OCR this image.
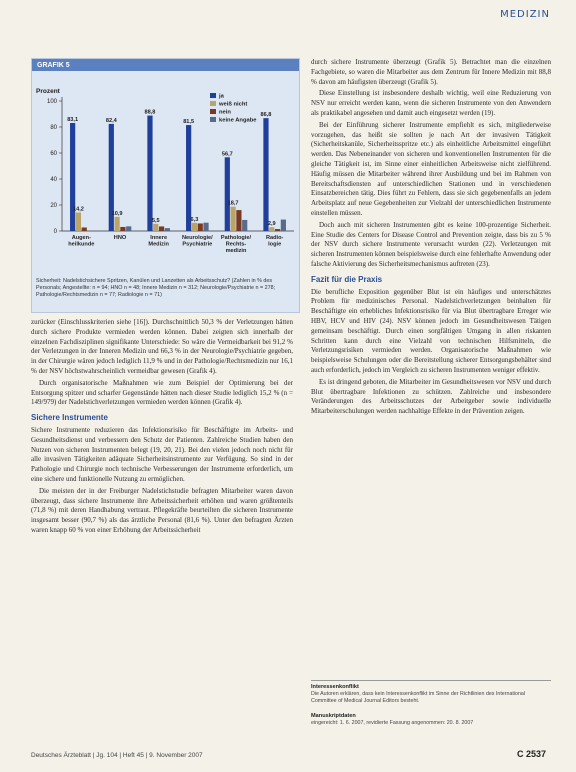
MEDIZIN
GRAFIK 5
Prozent
0
20
40
60
80
100
83,1
14,2
Augen-
heilkunde
82,4
10,9
HNO
88,8
5,5
Innere
Medizin
81,5
6,3
Neurologie/
Psychiatrie
56,7
18,7
Pathologie/
Rechts-
medizin
86,8
2,9
Radio-
logie
ja
weiß nicht
nein
keine Angabe
Sicherheit: Nadelstichsichere Spritzen, Kanülen und Lanzetten als Arbeitsschutz? (Zahlen in % des Personals; Angestellte: n = 94; HNO n = 48; Innere Medizin n = 312; Neurologie/Psychiatrie n = 278; Pathologie/Rechtsmedizin n = 77; Radiologie n = 71)

zurücker (Einschlusskriterien siehe [16]). Durchschnittlich 50,3 % der Verletzungen hätten durch sichere Produkte vermieden werden können. Dabei zeigten sich innerhalb der einzelnen Fachdisziplinen signifikante Unterschiede: So wäre die Vermeidbarkeit bei 91,2 % der Verletzungen in der Inneren Medizin und 66,3 % in der Neurologie/Psychiatrie gegeben, in der Chirurgie wären jedoch lediglich 11,9 % und in der Pathologie/Rechtsmedizin nur 16,1 % der NSV höchstwahrscheinlich vermeidbar gewesen (Grafik 4).

Durch organisatorische Maßnahmen wie zum Beispiel der Optimierung bei der Entsorgung spitzer und scharfer Gegenstände hätten nach dieser Studie lediglich 15,2 % (n = 149/979) der Nadelstichverletzungen vermieden werden können (Grafik 4).

Sichere Instrumente

Sichere Instrumente reduzieren das Infektionsrisiko für Beschäftigte im Arbeits- und Gesundheitsdienst und verbessern den Schutz der Patienten. Zahlreiche Studien haben den Nutzen von sicheren Instrumenten belegt (19, 20, 21). Bei den vielen jedoch noch nicht für alle invasiven Tätigkeiten adäquate Sicherheitsinstrumente zur Verfügung. So sind in der Pathologie und Chirurgie noch technische Verbesserungen der Instrumente erforderlich, um eine sichere und funktionelle Nutzung zu ermöglichen.

Die meisten der in der Freiburger Nadelstichstudie befragten Mitarbeiter waren davon überzeugt, dass sichere Instrumente ihre Arbeitssicherheit erhöhen und waren größtenteils (71,8 %) mit deren Handhabung vertraut. Pflegekräfte beurteilten die sicheren Instrumente insgesamt besser (90,7 %) als das ärztliche Personal (81,6 %). Unter den befragten Ärzten waren knapp 60 % von einer Erhöhung der Arbeitssicherheit

durch sichere Instrumente überzeugt (Grafik 5). Betrachtet man die einzelnen Fachgebiete, so waren die Mitarbeiter aus dem Zentrum für Innere Medizin mit 88,8 % davon am häufigsten überzeugt (Grafik 5).

Diese Einstellung ist insbesondere deshalb wichtig, weil eine Reduzierung von NSV nur erreicht werden kann, wenn die sicheren Instrumente von den Anwendern als praktikabel angesehen und damit auch eingesetzt werden (19).

Bei der Einführung sicherer Instrumente empfiehlt es sich, mitgliederweise vorzugehen, das heißt sie sollten je nach Art der invasiven Tätigkeit (Sicherheitskanüle, Sicherheitsspritze etc.) als einheitliche Arbeitsmittel eingeführt werden. Das Nebeneinander von sicheren und konventionellen Instrumenten für die gleiche Tätigkeit ist, im Sinne einer einheitlichen Arbeitsweise nicht zielführend. Häufig müssen die Mitarbeiter während ihrer Ausbildung und bei im Rahmen von Bereitschaftsdiensten auf unterschiedlichen Stationen und in verschiedenen Einsatzbereichen tätig. Dies führt zu Fehlern, dass sie sich gegebenenfalls an jedem Arbeitsplatz auf neue Gegebenheiten zur Vielzahl der unterschiedlichen Instrumente einstellen müssen.

Doch auch mit sicheren Instrumenten gibt es keine 100-prozentige Sicherheit. Eine Studie des Centers for Disease Control and Prevention zeigte, dass bis zu 5 % der NSV durch sichere Instrumente verursacht wurden (22). Verletzungen mit sicheren Instrumenten können beispielsweise durch eine fehlerhafte Anwendung oder falsche Aktivierung des Sicherheitsmechanismus auftreten (23).

Fazit für die Praxis

Die berufliche Exposition gegenüber Blut ist ein häufiges und unterschätztes Problem für medizinisches Personal. Nadelstichverletzungen beinhalten für Beschäftigte ein erhebliches Infektionsrisiko für via Blut übertragbare Erreger wie HBV, HCV und HIV (24). NSV können jedoch im Gesundheitswesen Tätigen gemeinsam beschäftigt. Durch einen sorgfältigen Umgang in allen riskanten Schritten kann durch eine Vielzahl von technischen Hilfsmitteln, die Verletzungsrisiken vermieden werden. Organisatorische Maßnahmen wie beispielsweise Schulungen oder die Bereitstellung sicherer Entsorgungsbehälter sind auch erforderlich, jedoch im Vergleich zu sicheren Instrumenten weniger effektiv.

Es ist dringend geboten, die Mitarbeiter im Gesundheitswesen vor NSV und durch Blut übertragbare Infektionen zu schützen. Zahlreiche und insbesondere Veränderungen des Arbeitsschutzes der Arbeitgeber sowie individuelle Mitarbeiterschulungen werden nachhaltige Effekte in der Prävention zeigen.

Interessenkonflikt
Die Autoren erklären, dass kein Interessenkonflikt im Sinne der Richtlinien des International Committee of Medical Journal Editors besteht.
Manuskriptdaten
eingereicht: 1. 6. 2007, revidierte Fassung angenommen: 20. 8. 2007
Deutsches Ärzteblatt | Jg. 104 | Heft 45 | 9. November 2007	C 2537
